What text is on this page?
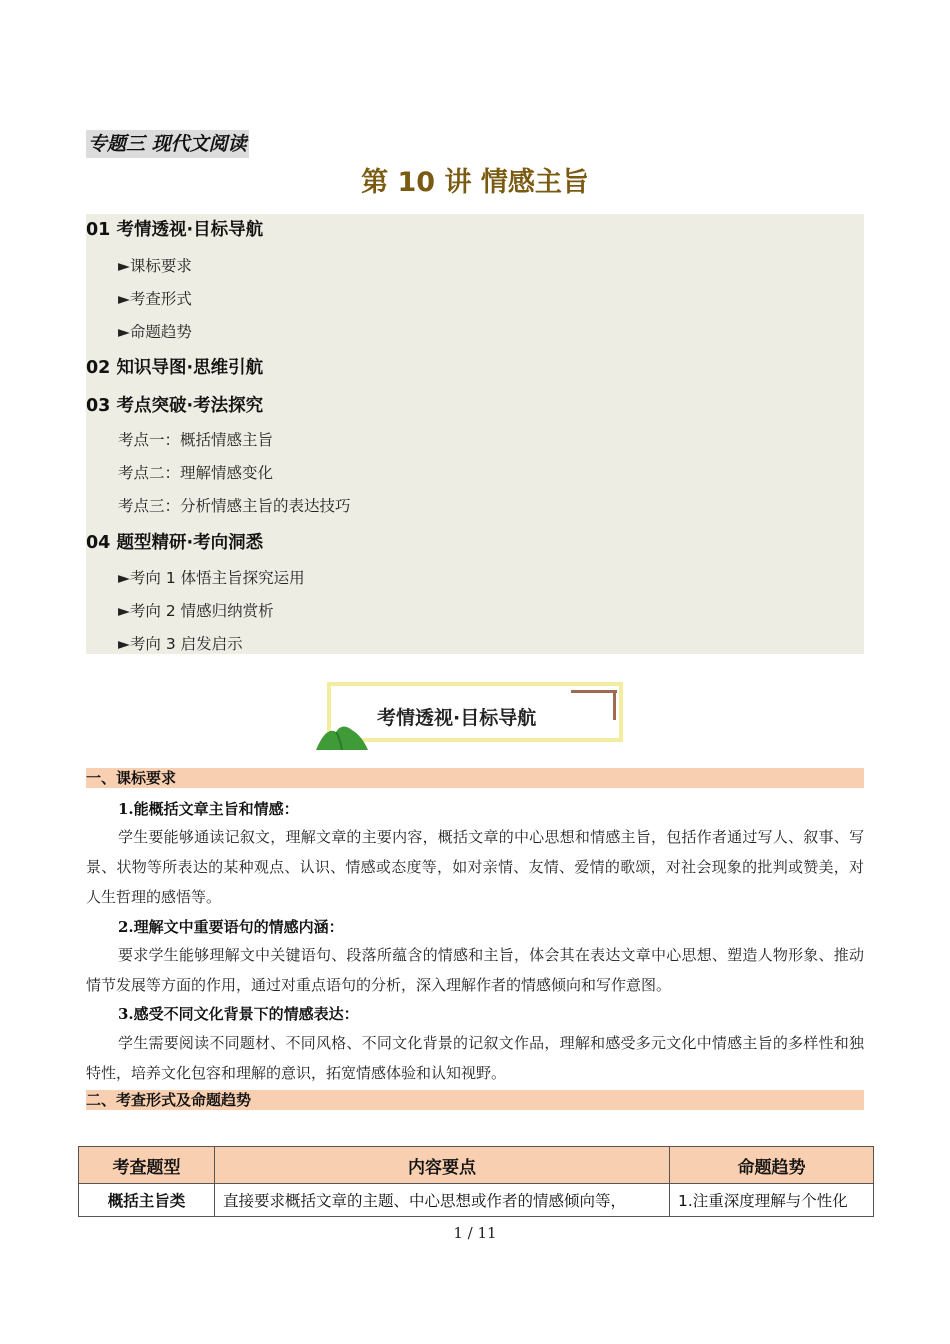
专题三 现代文阅读
第 10 讲 情感主旨
01 考情透视·目标导航
►课标要求
►考查形式
►命题趋势
02 知识导图·思维引航
03 考点突破·考法探究
考点一：概括情感主旨
考点二：理解情感变化
考点三：分析情感主旨的表达技巧
04 题型精研·考向洞悉
►考向 1 体悟主旨探究运用
►考向 2 情感归纳赏析
►考向 3 启发启示
考情透视·目标导航
一、课标要求
1.能概括文章主旨和情感：
学生要能够通读记叙文，理解文章的主要内容，概括文章的中心思想和情感主旨，包括作者通过写人、叙事、写景、状物等所表达的某种观点、认识、情感或态度等，如对亲情、友情、爱情的歌颂，对社会现象的批判或赞美，对人生哲理的感悟等。
2.理解文中重要语句的情感内涵：
要求学生能够理解文中关键语句、段落所蕴含的情感和主旨，体会其在表达文章中心思想、塑造人物形象、推动情节发展等方面的作用，通过对重点语句的分析，深入理解作者的情感倾向和写作意图。
3.感受不同文化背景下的情感表达：
学生需要阅读不同题材、不同风格、不同文化背景的记叙文作品，理解和感受多元文化中情感主旨的多样性和独特性，培养文化包容和理解的意识，拓宽情感体验和认知视野。
二、考查形式及命题趋势
考查题型	内容要点	命题趋势
概括主旨类	直接要求概括文章的主题、中心思想或作者的情感倾向等，	1.注重深度理解与个性化
1 / 11
